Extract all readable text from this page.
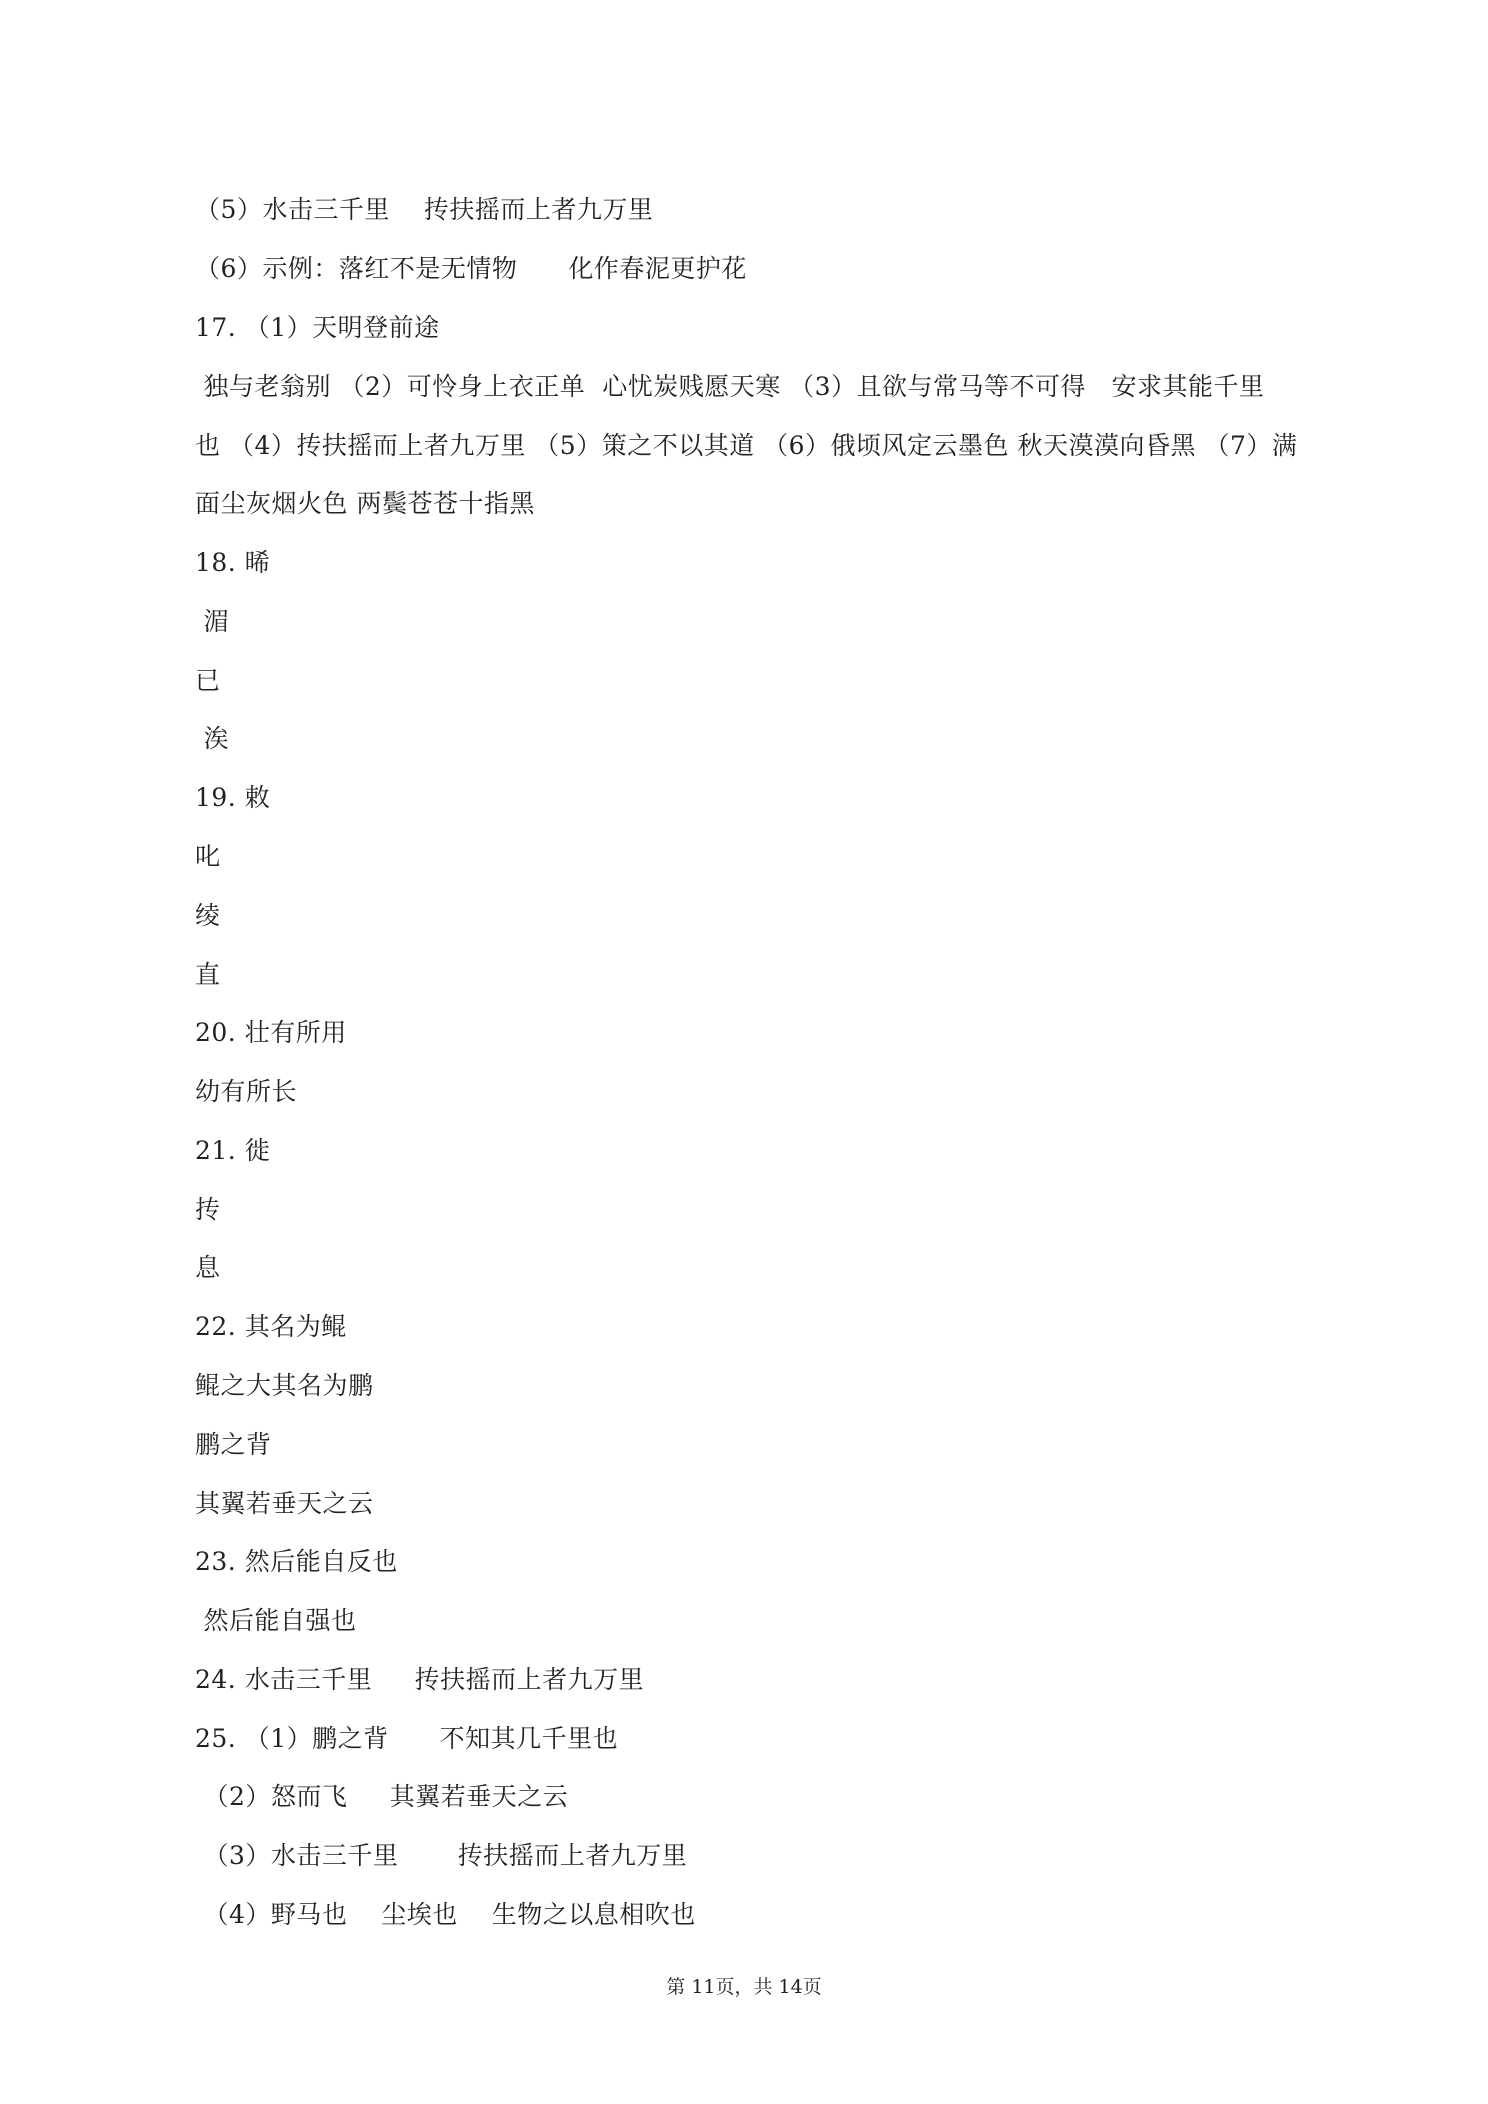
（5）水击三千里　 抟扶摇而上者九万里
（6）示例：落红不是无情物　　化作春泥更护花
17. （1）天明登前途
独与老翁别 （2）可怜身上衣正单  心忧炭贱愿天寒 （3）且欲与常马等不可得　安求其能千里
也 （4）抟扶摇而上者九万里 （5）策之不以其道 （6）俄顷风定云墨色 秋天漠漠向昏黑 （7）满
面尘灰烟火色 两鬓苍苍十指黑
18. 晞
湄
已
涘
19. 敕
叱
绫
直
20. 壮有所用
幼有所长
21. 徙
抟
息
22. 其名为鲲
鲲之大其名为鹏
鹏之背
其翼若垂天之云
23. 然后能自反也
然后能自强也
24. 水击三千里　  抟扶摇而上者九万里
25. （1）鹏之背　　不知其几千里也
（2）怒而飞　  其翼若垂天之云
（3）水击三千里　　 抟扶摇而上者九万里
（4）野马也　 尘埃也　 生物之以息相吹也
第 11页，共 14页
